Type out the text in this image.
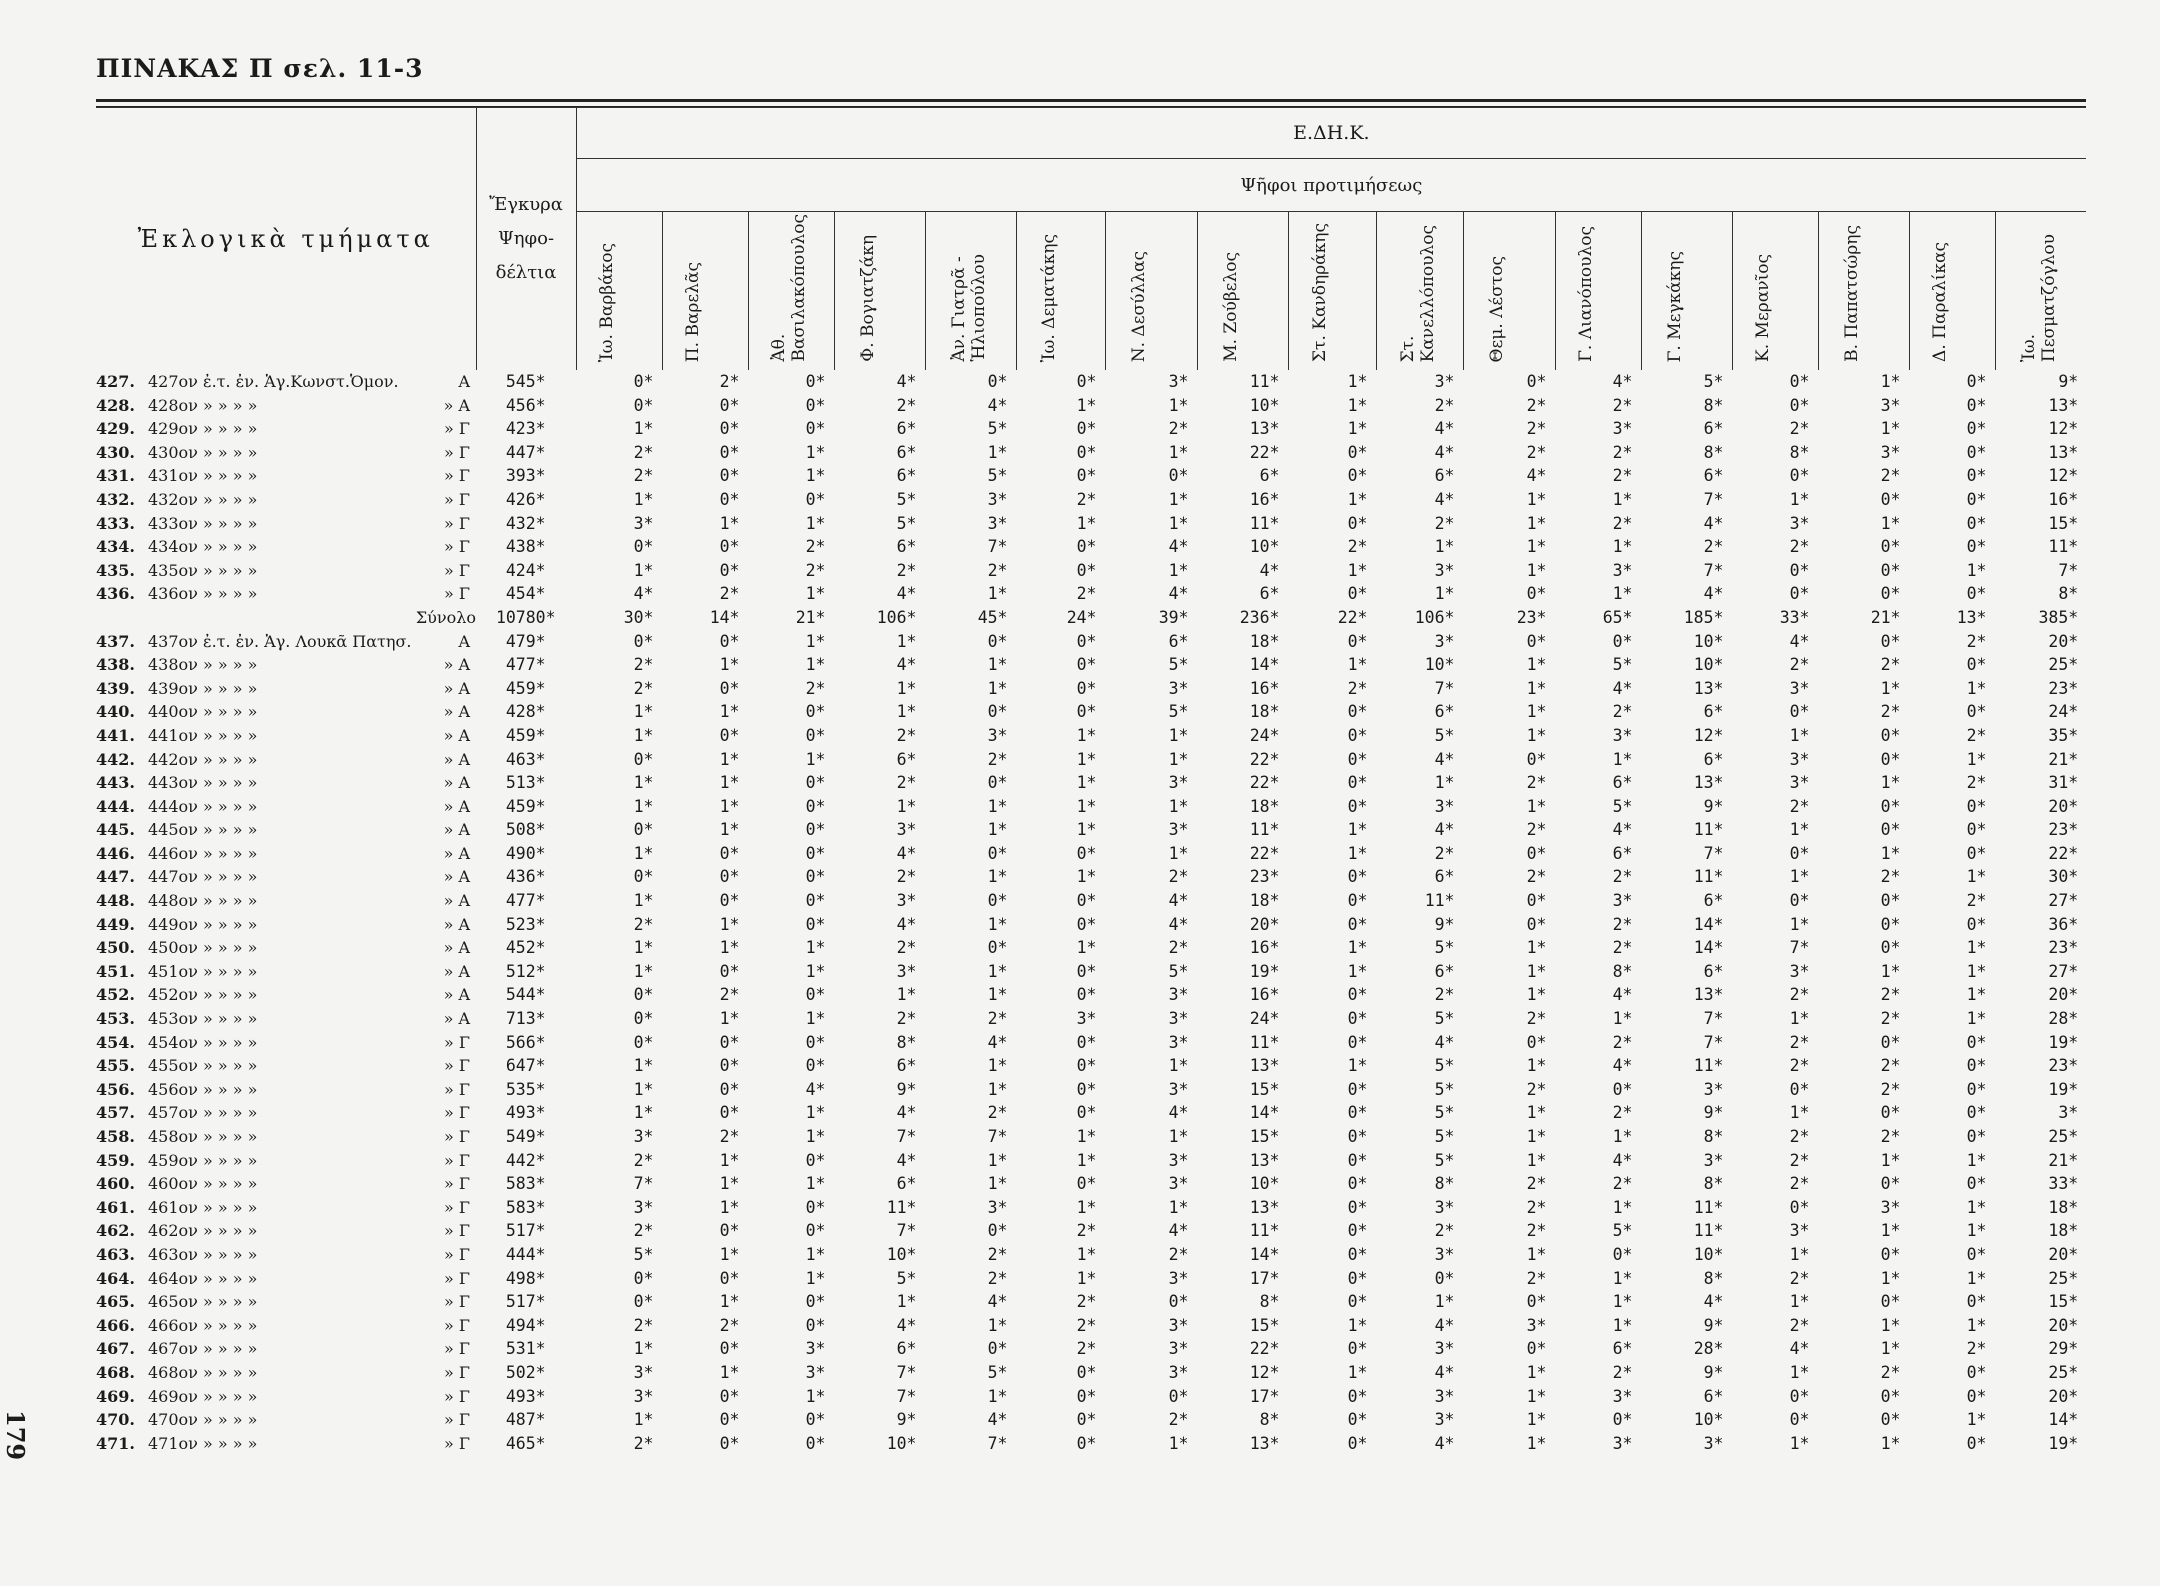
ΠΙΝΑΚΑΣ Π σελ. 11-3
Ἐκλογικὰ τμήματα	Ἔγκυρα Ψηφο- δέλτια	Ε.ΔΗ.Κ.																
		Ψῆφοι προτιμήσεως																

		Ἰω. Βαρβάκος	Π. Βαρελᾶς	Ἀθ.
Βασιλακόπουλος	Φ. Βογιατζάκη	Ἀν. Γιατρᾶ -
Ἡλιοπούλου	Ἰω. Δεματάκης	Ν. Δεσύλλας	Μ. Ζούβελος	Στ. Κανδηράκης	Στ.
Κανελλόπουλος	Θεμ. Λέστος	Γ. Λιανόπουλος	Γ. Μεγκάκης	Κ. Μερανῖος	Β. Παπατσώρης	Δ. Παραλίκας	Ἰω.
Πεσματζόγλου

427. 427ον ἐ.τ. ἐν. Ἁγ.Κωνστ.Ὁμον. Α	545*	0*	2*	0*	4*	0*	0*	3*	11*	1*	3*	0*	4*	5*	0*	1*	0*	9*
428. 428ον » » » » » Α	456*	0*	0*	0*	2*	4*	1*	1*	10*	1*	2*	2*	2*	8*	0*	3*	0*	13*
429. 429ον » » » » » Γ	423*	1*	0*	0*	6*	5*	0*	2*	13*	1*	4*	2*	3*	6*	2*	1*	0*	12*
430. 430ον » » » » » Γ	447*	2*	0*	1*	6*	1*	0*	1*	22*	0*	4*	2*	2*	8*	8*	3*	0*	13*
431. 431ον » » » » » Γ	393*	2*	0*	1*	6*	5*	0*	0*	6*	0*	6*	4*	2*	6*	0*	2*	0*	12*
432. 432ον » » » » » Γ	426*	1*	0*	0*	5*	3*	2*	1*	16*	1*	4*	1*	1*	7*	1*	0*	0*	16*
433. 433ον » » » » » Γ	432*	3*	1*	1*	5*	3*	1*	1*	11*	0*	2*	1*	2*	4*	3*	1*	0*	15*
434. 434ον » » » » » Γ	438*	0*	0*	2*	6*	7*	0*	4*	10*	2*	1*	1*	1*	2*	2*	0*	0*	11*
435. 435ον » » » » » Γ	424*	1*	0*	2*	2*	2*	0*	1*	4*	1*	3*	1*	3*	7*	0*	0*	1*	7*
436. 436ον » » » » » Γ	454*	4*	2*	1*	4*	1*	2*	4*	6*	0*	1*	0*	1*	4*	0*	0*	0*	8*
Σύνολο	10780*	30*	14*	21*	106*	45*	24*	39*	236*	22*	106*	23*	65*	185*	33*	21*	13*	385*
437. 437ον ἐ.τ. ἐν. Ἁγ. Λουκᾶ Πατησ. Α	479*	0*	0*	1*	1*	0*	0*	6*	18*	0*	3*	0*	0*	10*	4*	0*	2*	20*
438. 438ον » » » » » Α	477*	2*	1*	1*	4*	1*	0*	5*	14*	1*	10*	1*	5*	10*	2*	2*	0*	25*
439. 439ον » » » » » Α	459*	2*	0*	2*	1*	1*	0*	3*	16*	2*	7*	1*	4*	13*	3*	1*	1*	23*
440. 440ον » » » » » Α	428*	1*	1*	0*	1*	0*	0*	5*	18*	0*	6*	1*	2*	6*	0*	2*	0*	24*
441. 441ον » » » » » Α	459*	1*	0*	0*	2*	3*	1*	1*	24*	0*	5*	1*	3*	12*	1*	0*	2*	35*
442. 442ον » » » » » Α	463*	0*	1*	1*	6*	2*	1*	1*	22*	0*	4*	0*	1*	6*	3*	0*	1*	21*
443. 443ον » » » » » Α	513*	1*	1*	0*	2*	0*	1*	3*	22*	0*	1*	2*	6*	13*	3*	1*	2*	31*
444. 444ον » » » » » Α	459*	1*	1*	0*	1*	1*	1*	1*	18*	0*	3*	1*	5*	9*	2*	0*	0*	20*
445. 445ον » » » » » Α	508*	0*	1*	0*	3*	1*	1*	3*	11*	1*	4*	2*	4*	11*	1*	0*	0*	23*
446. 446ον » » » » » Α	490*	1*	0*	0*	4*	0*	0*	1*	22*	1*	2*	0*	6*	7*	0*	1*	0*	22*
447. 447ον » » » » » Α	436*	0*	0*	0*	2*	1*	1*	2*	23*	0*	6*	2*	2*	11*	1*	2*	1*	30*
448. 448ον » » » » » Α	477*	1*	0*	0*	3*	0*	0*	4*	18*	0*	11*	0*	3*	6*	0*	0*	2*	27*
449. 449ον » » » » » Α	523*	2*	1*	0*	4*	1*	0*	4*	20*	0*	9*	0*	2*	14*	1*	0*	0*	36*
450. 450ον » » » » » Α	452*	1*	1*	1*	2*	0*	1*	2*	16*	1*	5*	1*	2*	14*	7*	0*	1*	23*
451. 451ον » » » » » Α	512*	1*	0*	1*	3*	1*	0*	5*	19*	1*	6*	1*	8*	6*	3*	1*	1*	27*
452. 452ον » » » » » Α	544*	0*	2*	0*	1*	1*	0*	3*	16*	0*	2*	1*	4*	13*	2*	2*	1*	20*
453. 453ον » » » » » Α	713*	0*	1*	1*	2*	2*	3*	3*	24*	0*	5*	2*	1*	7*	1*	2*	1*	28*
454. 454ον » » » » » Γ	566*	0*	0*	0*	8*	4*	0*	3*	11*	0*	4*	0*	2*	7*	2*	0*	0*	19*
455. 455ον » » » » » Γ	647*	1*	0*	0*	6*	1*	0*	1*	13*	1*	5*	1*	4*	11*	2*	2*	0*	23*
456. 456ον » » » » » Γ	535*	1*	0*	4*	9*	1*	0*	3*	15*	0*	5*	2*	0*	3*	0*	2*	0*	19*
457. 457ον » » » » » Γ	493*	1*	0*	1*	4*	2*	0*	4*	14*	0*	5*	1*	2*	9*	1*	0*	0*	3*
458. 458ον » » » » » Γ	549*	3*	2*	1*	7*	7*	1*	1*	15*	0*	5*	1*	1*	8*	2*	2*	0*	25*
459. 459ον » » » » » Γ	442*	2*	1*	0*	4*	1*	1*	3*	13*	0*	5*	1*	4*	3*	2*	1*	1*	21*
460. 460ον » » » » » Γ	583*	7*	1*	1*	6*	1*	0*	3*	10*	0*	8*	2*	2*	8*	2*	0*	0*	33*
461. 461ον » » » » » Γ	583*	3*	1*	0*	11*	3*	1*	1*	13*	0*	3*	2*	1*	11*	0*	3*	1*	18*
462. 462ον » » » » » Γ	517*	2*	0*	0*	7*	0*	2*	4*	11*	0*	2*	2*	5*	11*	3*	1*	1*	18*
463. 463ον » » » » » Γ	444*	5*	1*	1*	10*	2*	1*	2*	14*	0*	3*	1*	0*	10*	1*	0*	0*	20*
464. 464ον » » » » » Γ	498*	0*	0*	1*	5*	2*	1*	3*	17*	0*	0*	2*	1*	8*	2*	1*	1*	25*
465. 465ον » » » » » Γ	517*	0*	1*	0*	1*	4*	2*	0*	8*	0*	1*	0*	1*	4*	1*	0*	0*	15*
466. 466ον » » » » » Γ	494*	2*	2*	0*	4*	1*	2*	3*	15*	1*	4*	3*	1*	9*	2*	1*	1*	20*
467. 467ον » » » » » Γ	531*	1*	0*	3*	6*	0*	2*	3*	22*	0*	3*	0*	6*	28*	4*	1*	2*	29*
468. 468ον » » » » » Γ	502*	3*	1*	3*	7*	5*	0*	3*	12*	1*	4*	1*	2*	9*	1*	2*	0*	25*
469. 469ον » » » » » Γ	493*	3*	0*	1*	7*	1*	0*	0*	17*	0*	3*	1*	3*	6*	0*	0*	0*	20*
470. 470ον » » » » » Γ	487*	1*	0*	0*	9*	4*	0*	2*	8*	0*	3*	1*	0*	10*	0*	0*	1*	14*
471. 471ον » » » » » Γ	465*	2*	0*	0*	10*	7*	0*	1*	13*	0*	4*	1*	3*	3*	1*	1*	0*	19*
179
